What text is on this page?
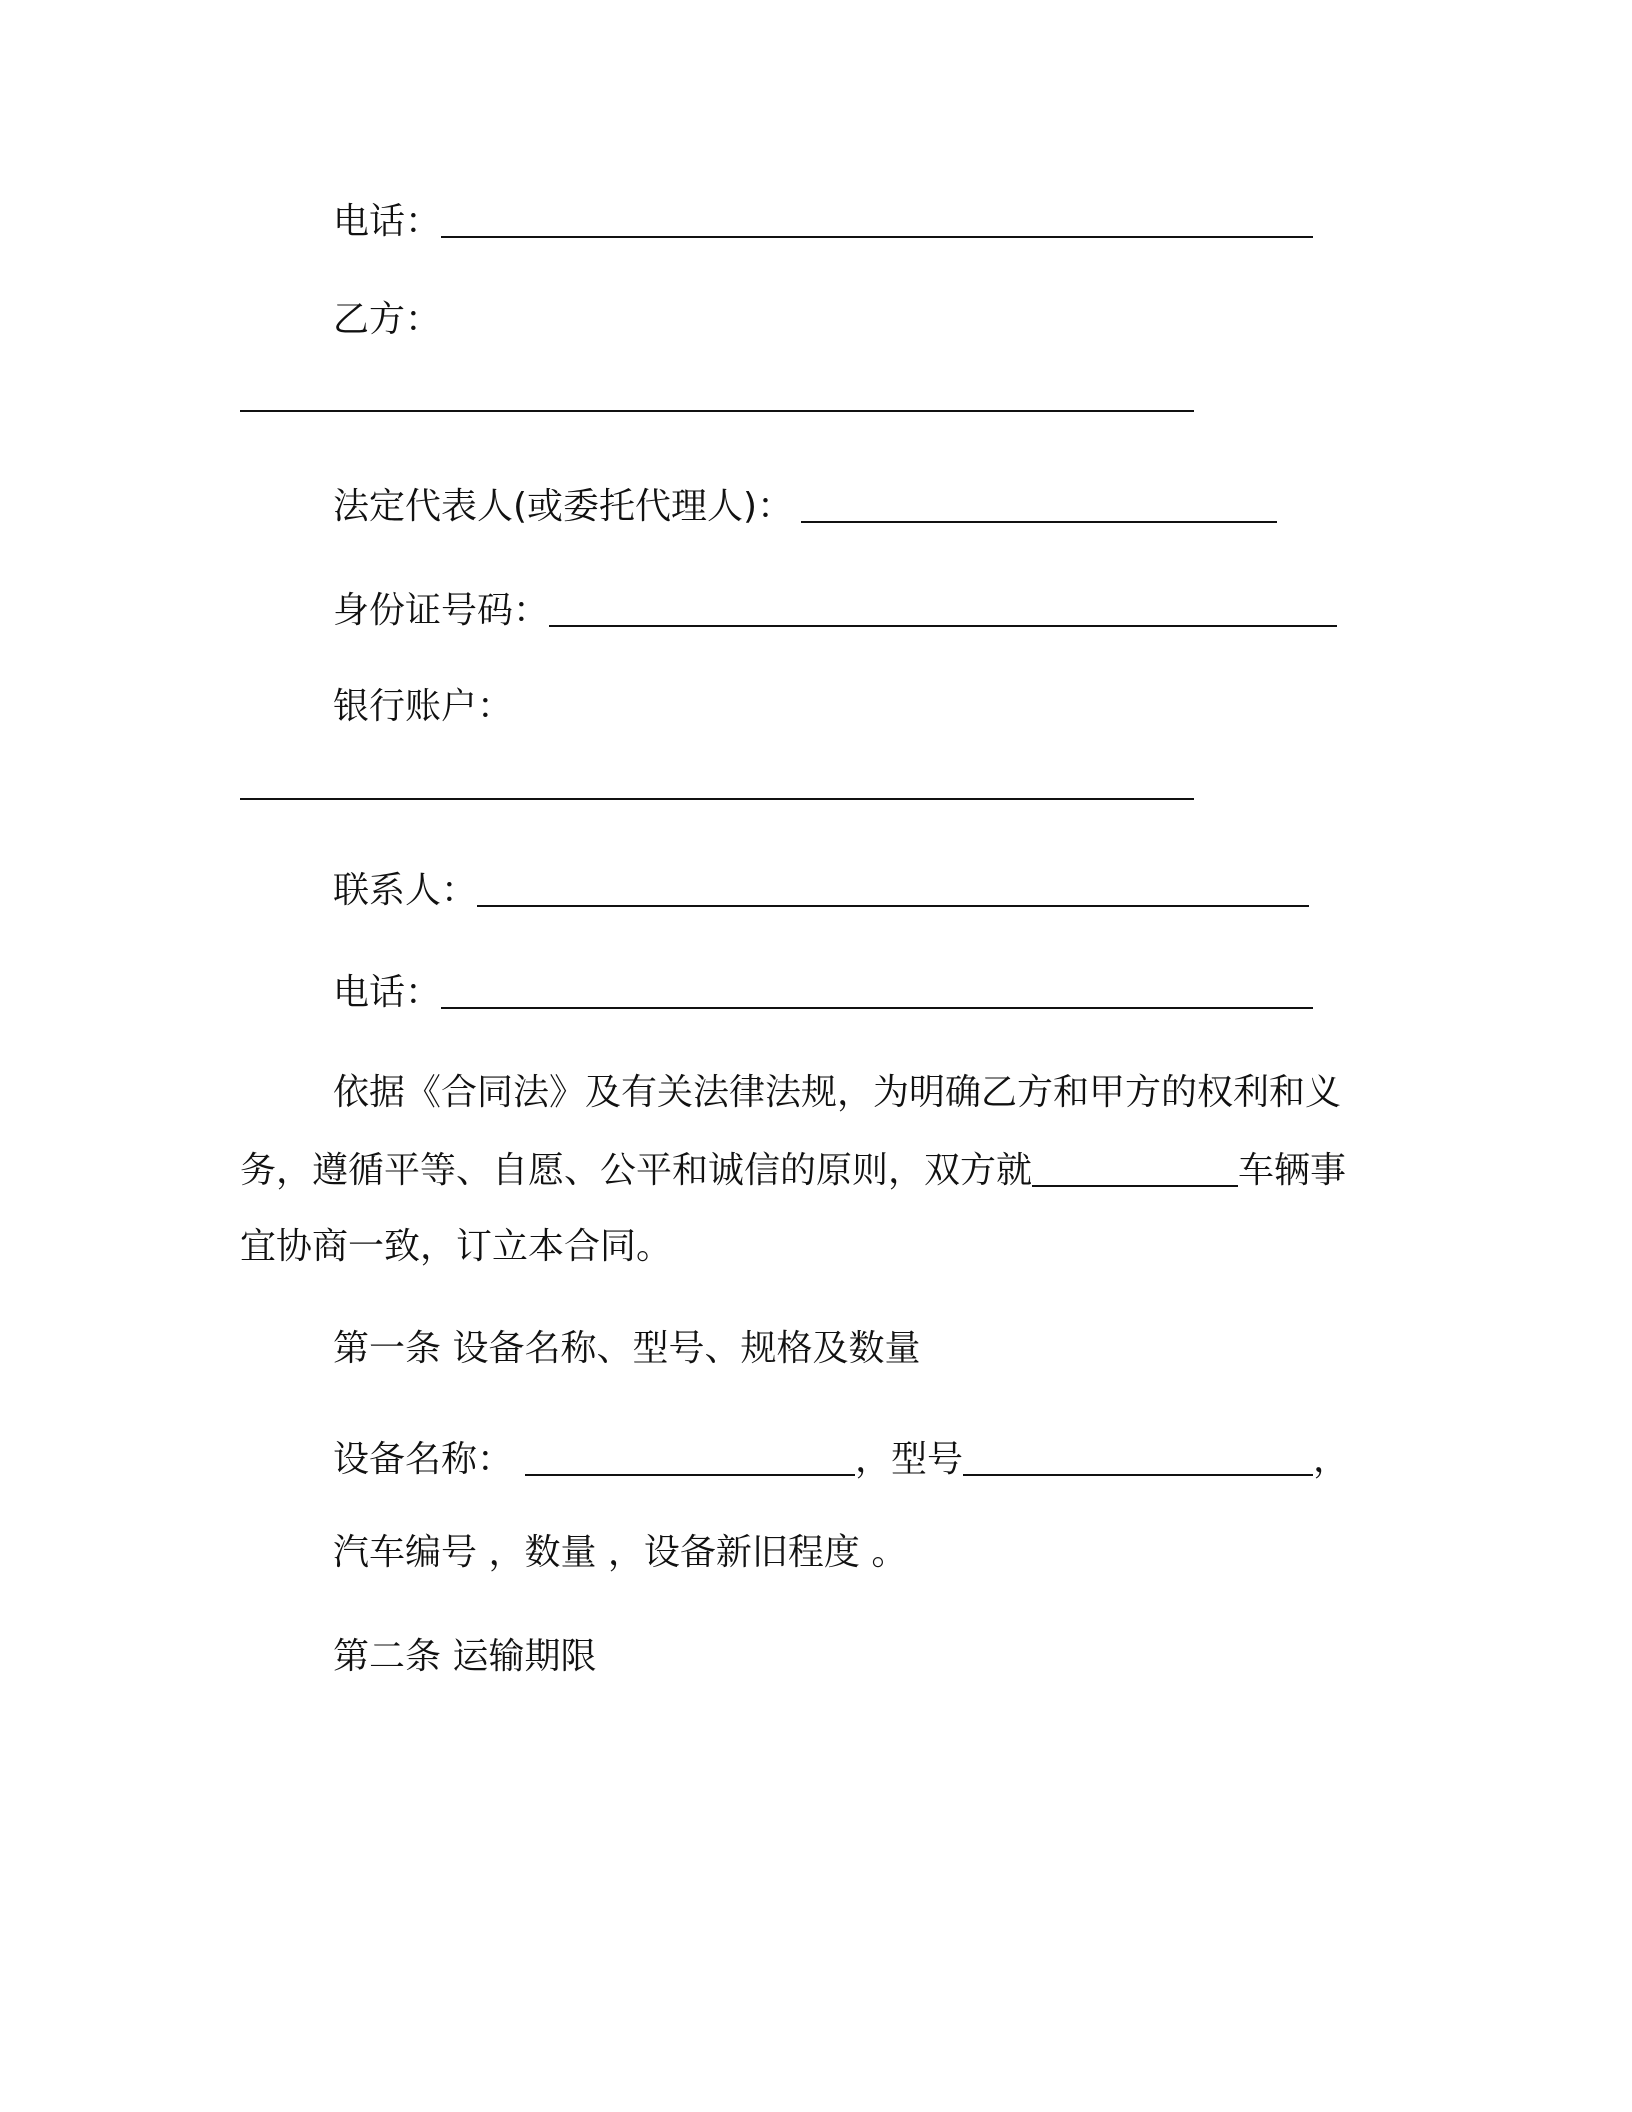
电话：
乙方：
法定代表人(或委托代理人)：
身份证号码：
银行账户：
联系人：
电话：
依据《合同法》及有关法律法规，为明确乙方和甲方的权利和义
务，遵循平等、自愿、公平和诚信的原则，双方就	车辆事
宜协商一致，订立本合同。
第一条 设备名称、型号、规格及数量
设备名称：	，型号	，
汽车编号 ，数量 ，设备新旧程度 。
第二条 运输期限
